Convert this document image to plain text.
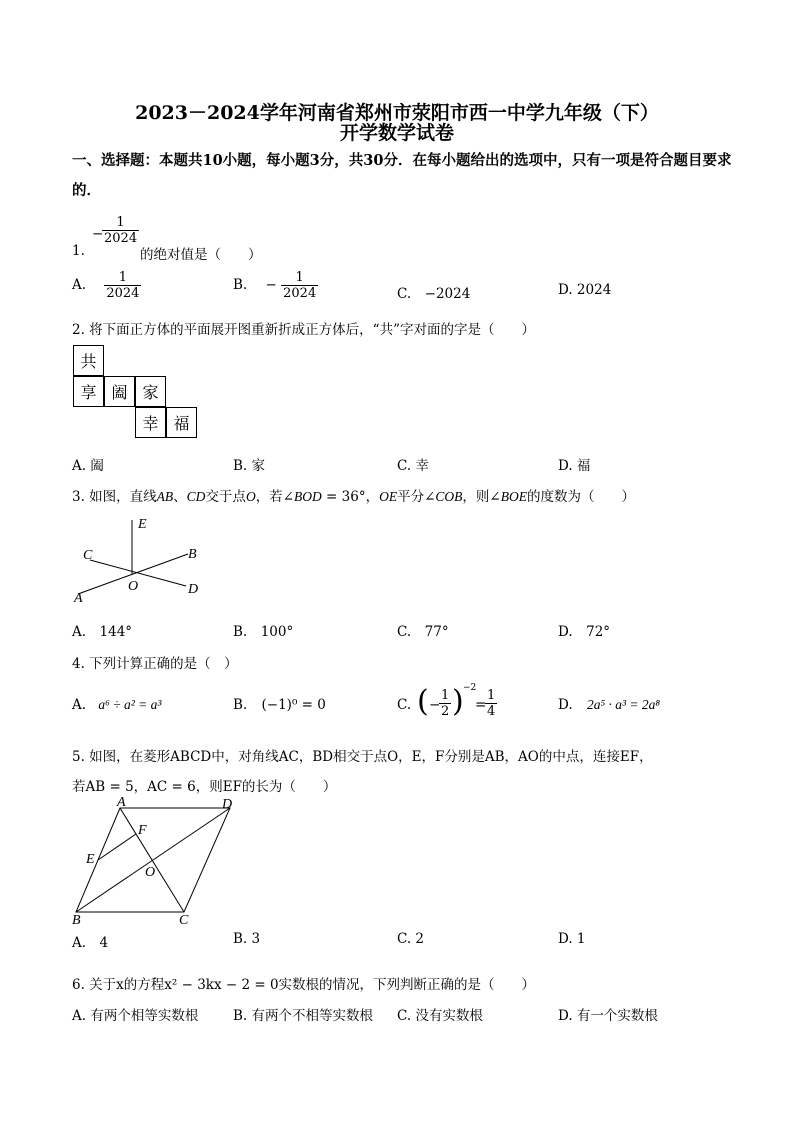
2023－2024学年河南省郑州市荥阳市西一中学九年级（下）
开学数学试卷
一、选择题：本题共10小题，每小题3分，共30分．在每小题给出的选项中，只有一项是符合题目要求的．
1.
−
$\frac{1}{2024}$
的绝对值是（　　）
A. $\frac{1}{2024}$	B. − $\frac{1}{2024}$	C.　−2024	D. 2024
2. 将下面正方体的平面展开图重新折成正方体后，“共”字对面的字是（　　）
共
享 阖 家
幸 福
A. 阖	B. 家	C. 幸	D. 福
3. 如图，直线AB、CD交于点O，若∠BOD = 36°，OE平分∠COB，则∠BOE的度数为（　　）
E
C	B
O	D
A
A.　144°	B.　100°	C.　77°	D.　72°
4. 下列计算正确的是（　）
A. a⁶ ÷ a² = a³	B. (−1)⁰ = 0	C. ( −
$\frac{1}{2}$ ) −2
=
$\frac{1}{4}$	D. 2a⁵ · a³ = 2a⁸
5. 如图，在菱形ABCD中，对角线AC，BD相交于点O，E，F分别是AB，AO的中点，连接EF，
若AB = 5，AC = 6，则EF的长为（　　）
A	D
F
E
O
B	C
A.　4	B. 3	C. 2	D. 1
6. 关于x的方程x² − 3kx − 2 = 0实数根的情况，下列判断正确的是（　　）
A. 有两个相等实数根	B. 有两个不相等实数根 C. 没有实数根	D. 有一个实数根
